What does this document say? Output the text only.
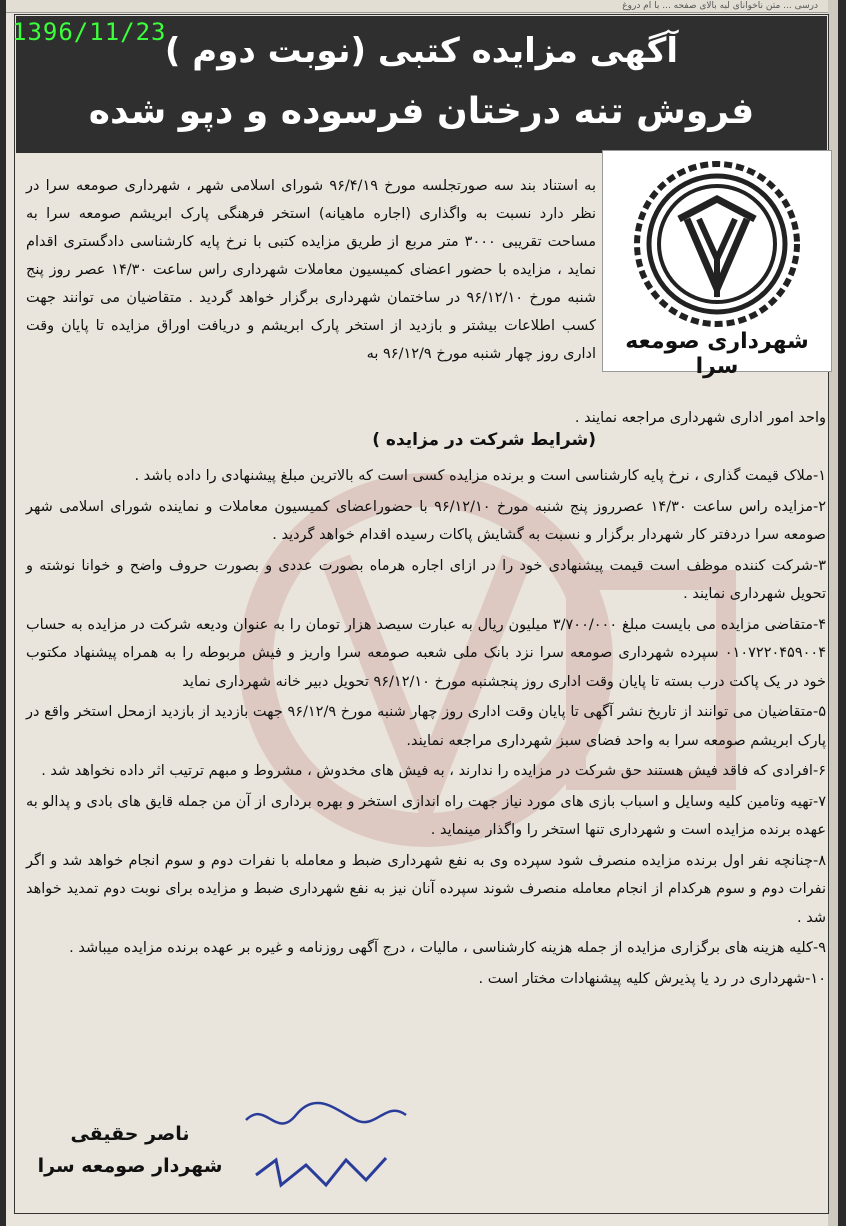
درسی ... متن ناخوانای لبه بالای صفحه ... با ام دروغ
آگهی مزایده کتبی (نوبت دوم )
فروش تنه درختان فرسوده و دپو شده
شهرداری صومعه سرا
به استناد بند سه صورتجلسه مورخ ۹۶/۴/۱۹ شورای اسلامی شهر ، شهرداری صومعه سرا در نظر دارد نسبت به واگذاری (اجاره ماهیانه) استخر فرهنگی پارک ابریشم صومعه سرا به مساحت تقریبی ۳۰۰۰ متر مربع از طریق مزایده کتبی با نرخ پایه کارشناسی دادگستری اقدام نماید ، مزایده با حضور اعضای کمیسیون معاملات شهرداری راس ساعت ۱۴/۳۰ عصر روز پنج شنبه مورخ ۹۶/۱۲/۱۰ در ساختمان شهرداری برگزار خواهد گردید . متقاضیان می توانند جهت کسب اطلاعات بیشتر و بازدید از استخر پارک ابریشم و دریافت اوراق مزایده تا پایان وقت اداری روز چهار شنبه مورخ ۹۶/۱۲/۹ به
واحد امور اداری شهرداری مراجعه نمایند .
(شرایط شرکت در مزایده )

۱-ملاک قیمت گذاری ، نرخ پایه کارشناسی است و برنده مزایده کسی است که بالاترین مبلغ پیشنهادی را داده باشد .

۲-مزایده راس ساعت ۱۴/۳۰ عصرروز پنج شنبه مورخ ۹۶/۱۲/۱۰ با حضوراعضای کمیسیون معاملات و نماینده شورای اسلامی شهر صومعه سرا دردفتر کار شهردار برگزار و نسبت به گشایش پاکات رسیده اقدام خواهد گردید .

۳-شرکت کننده موظف است قیمت پیشنهادی خود را در ازای اجاره هرماه بصورت عددی و بصورت حروف واضح و خوانا نوشته و تحویل شهرداری نمایند .

۴-متقاضی مزایده می بایست مبلغ ۳/۷۰۰/۰۰۰ میلیون ریال به عبارت سیصد هزار تومان را به عنوان ودیعه شرکت در مزایده به حساب ۰۱۰۷۲۲۰۴۵۹۰۰۴ سپرده شهرداری صومعه سرا نزد بانک ملی شعبه صومعه سرا واریز و فیش مربوطه را به همراه پیشنهاد مکتوب خود در یک پاکت درب بسته تا پایان وقت اداری روز پنجشنبه مورخ ۹۶/۱۲/۱۰ تحویل دبیر خانه شهرداری نماید

۵-متقاضیان می توانند از تاریخ نشر آگهی تا پایان وقت اداری روز چهار شنبه مورخ ۹۶/۱۲/۹ جهت بازدید از بازدید ازمحل استخر واقع در پارک ابریشم صومعه سرا به واحد فضای سبز شهرداری مراجعه نمایند.

۶-افرادی که فاقد فیش هستند حق شرکت در مزایده را ندارند ، به فیش های مخدوش ، مشروط و مبهم ترتیب اثر داده نخواهد شد .

۷-تهیه وتامین کلیه وسایل و اسباب بازی های مورد نیاز جهت راه اندازی استخر و بهره برداری از آن من جمله قایق های بادی و پدالو به عهده برنده مزایده است و شهرداری تنها استخر را واگذار مینماید .

۸-چنانچه نفر اول برنده مزایده منصرف شود سپرده وی به نفع شهرداری ضبط و معامله با نفرات دوم و سوم انجام خواهد شد و اگر نفرات دوم و سوم هرکدام از انجام معامله منصرف شوند سپرده آنان نیز به نفع شهرداری ضبط و مزایده برای نوبت دوم تمدید خواهد شد .

۹-کلیه هزینه های برگزاری مزایده از جمله هزینه کارشناسی ، مالیات ، درج آگهی روزنامه و غیره بر عهده برنده مزایده میباشد .

۱۰-شهرداری در رد یا پذیرش کلیه پیشنهادات مختار است .

ناصر حقیقی
شهردار صومعه سرا
1396/11/23
